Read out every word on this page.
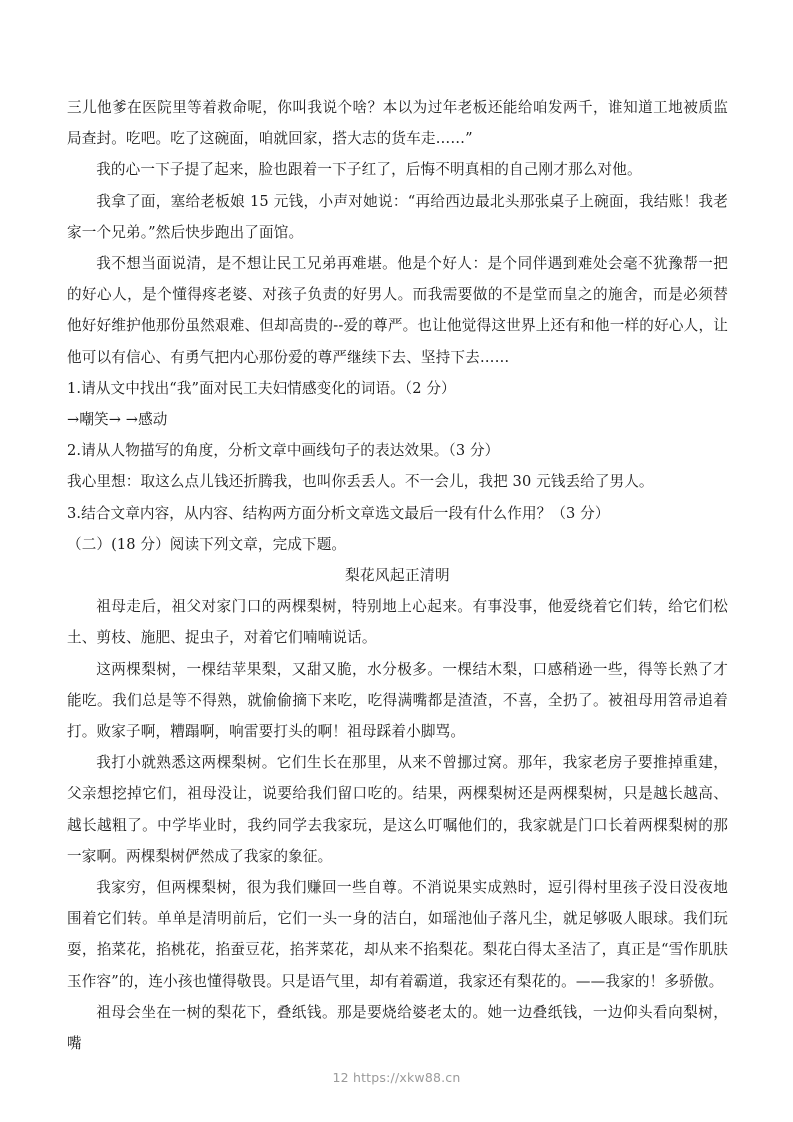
三儿他爹在医院里等着救命呢，你叫我说个啥？本以为过年老板还能给咱发两千，谁知道工地被质监局查封。吃吧。吃了这碗面，咱就回家，搭大志的货车走……”

我的心一下子提了起来，脸也跟着一下子红了，后悔不明真相的自己刚才那么对他。

我拿了面，塞给老板娘 15 元钱，小声对她说：“再给西边最北头那张桌子上碗面，我结账！我老家一个兄弟。”然后快步跑出了面馆。

我不想当面说清，是不想让民工兄弟再难堪。他是个好人：是个同伴遇到难处会毫不犹豫帮一把的好心人，是个懂得疼老婆、对孩子负责的好男人。而我需要做的不是堂而皇之的施舍，而是必须替他好好维护他那份虽然艰难、但却高贵的--爱的尊严。也让他觉得这世界上还有和他一样的好心人，让他可以有信心、有勇气把内心那份爱的尊严继续下去、坚持下去……

1.请从文中找出“我”面对民工夫妇情感变化的词语。（2 分）

→嘲笑→ →感动

2.请从人物描写的角度，分析文章中画线句子的表达效果。（3 分）

我心里想：取这么点儿钱还折腾我，也叫你丢丢人。不一会儿，我把 30 元钱丢给了男人。

3.结合文章内容，从内容、结构两方面分析文章选文最后一段有什么作用？（3 分）

（二）(18 分）阅读下列文章，完成下题。

梨花风起正清明

祖母走后，祖父对家门口的两棵梨树，特别地上心起来。有事没事，他爱绕着它们转，给它们松土、剪枝、施肥、捉虫子，对着它们喃喃说话。

这两棵梨树，一棵结苹果梨，又甜又脆，水分极多。一棵结木梨，口感稍逊一些，得等长熟了才能吃。我们总是等不得熟，就偷偷摘下来吃，吃得满嘴都是渣渣，不喜，全扔了。被祖母用笤帚追着打。败家子啊，糟蹋啊，响雷要打头的啊！祖母踩着小脚骂。

我打小就熟悉这两棵梨树。它们生长在那里，从来不曾挪过窝。那年，我家老房子要推掉重建，父亲想挖掉它们，祖母没让，说要给我们留口吃的。结果，两棵梨树还是两棵梨树，只是越长越高、越长越粗了。中学毕业时，我约同学去我家玩，是这么叮嘱他们的，我家就是门口长着两棵梨树的那一家啊。两棵梨树俨然成了我家的象征。

我家穷，但两棵梨树，很为我们赚回一些自尊。不消说果实成熟时，逗引得村里孩子没日没夜地围着它们转。单单是清明前后，它们一头一身的洁白，如瑶池仙子落凡尘，就足够吸人眼球。我们玩耍，掐菜花，掐桃花，掐蚕豆花，掐荠菜花，却从来不掐梨花。梨花白得太圣洁了，真正是“雪作肌肤玉作容”的，连小孩也懂得敬畏。只是语气里，却有着霸道，我家还有梨花的。——我家的！多骄傲。

祖母会坐在一树的梨花下，叠纸钱。那是要烧给婆老太的。她一边叠纸钱，一边仰头看向梨树，嘴

12 https://xkw88.cn
